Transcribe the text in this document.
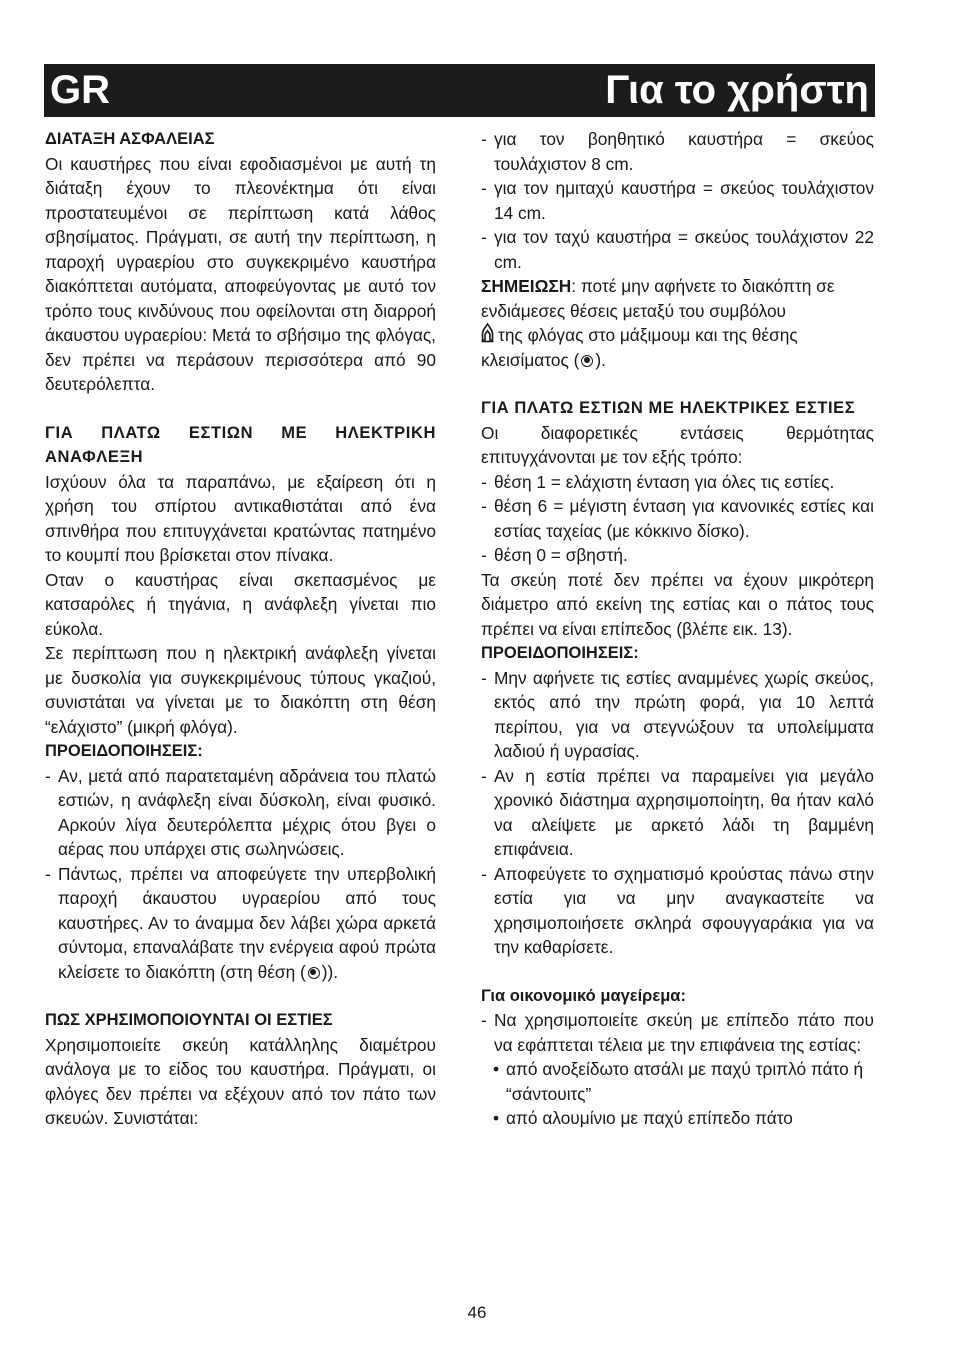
GR	Για το χρήστη
ΔΙΑΤΑΞΗ ΑΣΦΑΛΕΙΑΣ

Οι καυστήρες που είναι εφοδιασμένοι με αυτή τη διάταξη έχουν το πλεονέκτημα ότι είναι προστατευμένοι σε περίπτωση κατά λάθος σβησίματος. Πράγματι, σε αυτή την περίπτωση, η παροχή υγραερίου στο συγκεκριμένο καυστήρα διακόπτεται αυτόματα, αποφεύγοντας με αυτό τον τρόπο τους κινδύνους που οφείλονται στη διαρροή άκαυστου υγραερίου: Μετά το σβήσιμο της φλόγας, δεν πρέπει να περάσουν περισσότερα από 90 δευτερόλεπτα.

ΓΙΑ ΠΛΑΤΩ ΕΣΤΙΩΝ ΜΕ ΗΛΕΚΤΡΙΚΗ ΑΝΑΦΛΕΞΗ

Ισχύουν όλα τα παραπάνω, με εξαίρεση ότι η χρήση του σπίρτου αντικαθιστάται από ένα σπινθήρα που επιτυγχάνεται κρατώντας πατημένο το κουμπί που βρίσκεται στον πίνακα.

Οταν ο καυστήρας είναι σκεπασμένος με κατσαρόλες ή τηγάνια, η ανάφλεξη γίνεται πιο εύκολα.

Σε περίπτωση που η ηλεκτρική ανάφλεξη γίνεται με δυσκολία για συγκεκριμένους τύπους γκαζιού, συνιστάται να γίνεται με το διακόπτη στη θέση “ελάχιστο” (μικρή φλόγα).

ΠΡΟΕΙΔΟΠΟΙΗΣΕΙΣ:
- Αν, μετά από παρατεταμένη αδράνεια του πλατώ εστιών, η ανάφλεξη είναι δύσκολη, είναι φυσικό. Αρκούν λίγα δευτερόλεπτα μέχρις ότου βγει ο αέρας που υπάρχει στις σωληνώσεις.
- Πάντως, πρέπει να αποφεύγετε την υπερβολική παροχή άκαυστου υγραερίου από τους καυστήρες. Αν το άναμμα δεν λάβει χώρα αρκετά σύντομα, επαναλάβατε την ενέργεια αφού πρώτα κλείσετε το διακόπτη (στη θέση ( )).
ΠΩΣ ΧΡΗΣΙΜΟΠΟΙΟΥΝΤΑΙ ΟΙ ΕΣΤΙΕΣ

Χρησιμοποιείτε σκεύη κατάλληλης διαμέτρου ανάλογα με το είδος του καυστήρα. Πράγματι, οι φλόγες δεν πρέπει να εξέχουν από τον πάτο των σκευών. Συνιστάται:

- για τον βοηθητικό καυστήρα = σκεύος τουλάχιστον 8 cm.
- για τον ημιταχύ καυστήρα = σκεύος τουλάχιστον 14 cm.
- για τον ταχύ καυστήρα = σκεύος τουλάχιστον 22 cm.

ΣΗΜΕΙΩΣΗ: ποτέ μην αφήνετε το διακόπτη σε ενδιάμεσες θέσεις μεταξύ του συμβόλου
της φλόγας στο μάξιμουμ και της θέσης κλεισίματος ( ).

ΓΙΑ ΠΛΑΤΩ ΕΣΤΙΩΝ ΜΕ ΗΛΕΚΤΡΙΚΕΣ ΕΣΤΙΕΣ

Οι διαφορετικές εντάσεις θερμότητας επιτυγχάνονται με τον εξής τρόπο:

- θέση 1 = ελάχιστη ένταση για όλες τις εστίες.
- θέση 6 = μέγιστη ένταση για κανονικές εστίες και εστίας ταχείας (με κόκκινο δίσκο).
- θέση 0 = σβηστή.

Τα σκεύη ποτέ δεν πρέπει να έχουν μικρότερη διάμετρο από εκείνη της εστίας και ο πάτος τους πρέπει να είναι επίπεδος (βλέπε εικ. 13).

ΠΡΟΕΙΔΟΠΟΙΗΣΕΙΣ:
- Μην αφήνετε τις εστίες αναμμένες χωρίς σκεύος, εκτός από την πρώτη φορά, για 10 λεπτά περίπου, για να στεγνώξουν τα υπολείμματα λαδιού ή υγρασίας.
- Αν η εστία πρέπει να παραμείνει για μεγάλο χρονικό διάστημα αχρησιμοποίητη, θα ήταν καλό να αλείψετε με αρκετό λάδι τη βαμμένη επιφάνεια.
- Αποφεύγετε το σχηματισμό κρούστας πάνω στην εστία για να μην αναγκαστείτε να χρησιμοποιήσετε σκληρά σφουγγαράκια για να την καθαρίσετε.
Για οικονομικό μαγείρεμα:
- Να χρησιμοποιείτε σκεύη με επίπεδο πάτο που να εφάπτεται τέλεια με την επιφάνεια της εστίας:
• από ανοξείδωτο ατσάλι με παχύ τριπλό πάτο ή “σάντουιτς”
• από αλουμίνιο με παχύ επίπεδο πάτο
46
